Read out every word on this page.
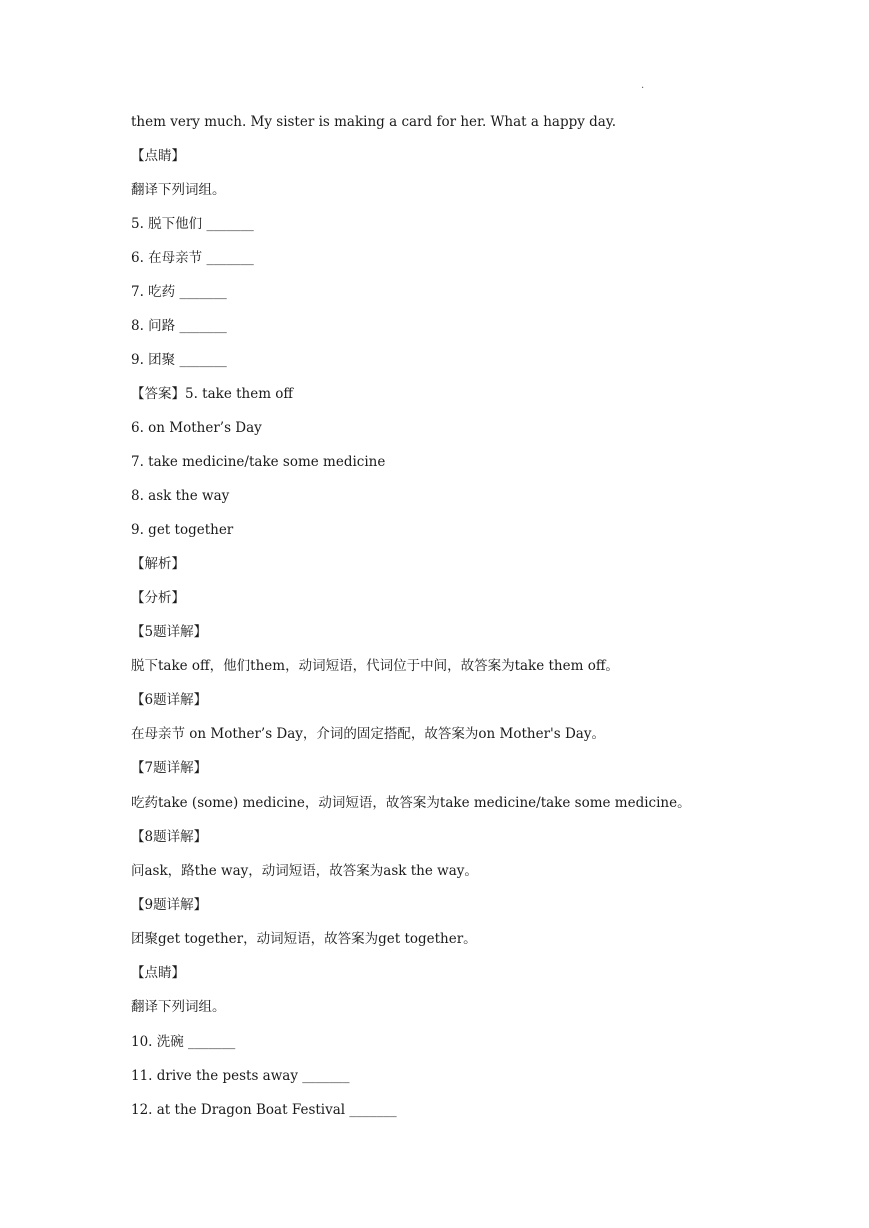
.
them very much. My sister is making a card for her. What a happy day.
【点睛】
翻译下列词组。
5. 脱下他们 _______
6. 在母亲节 _______
7. 吃药 _______
8. 问路 _______
9. 团聚 _______
【答案】5. take them off
6. on Mother’s Day
7. take medicine/take some medicine
8. ask the way
9. get together
【解析】
【分析】
【5题详解】
脱下take off，他们them，动词短语，代词位于中间，故答案为take them off。
【6题详解】
在母亲节 on Mother’s Day，介词的固定搭配，故答案为on Mother's Day。
【7题详解】
吃药take (some) medicine，动词短语，故答案为take medicine/take some medicine。
【8题详解】
问ask，路the way，动词短语，故答案为ask the way。
【9题详解】
团聚get together，动词短语，故答案为get together。
【点睛】
翻译下列词组。
10. 洗碗 _______
11. drive the pests away _______
12. at the Dragon Boat Festival _______
